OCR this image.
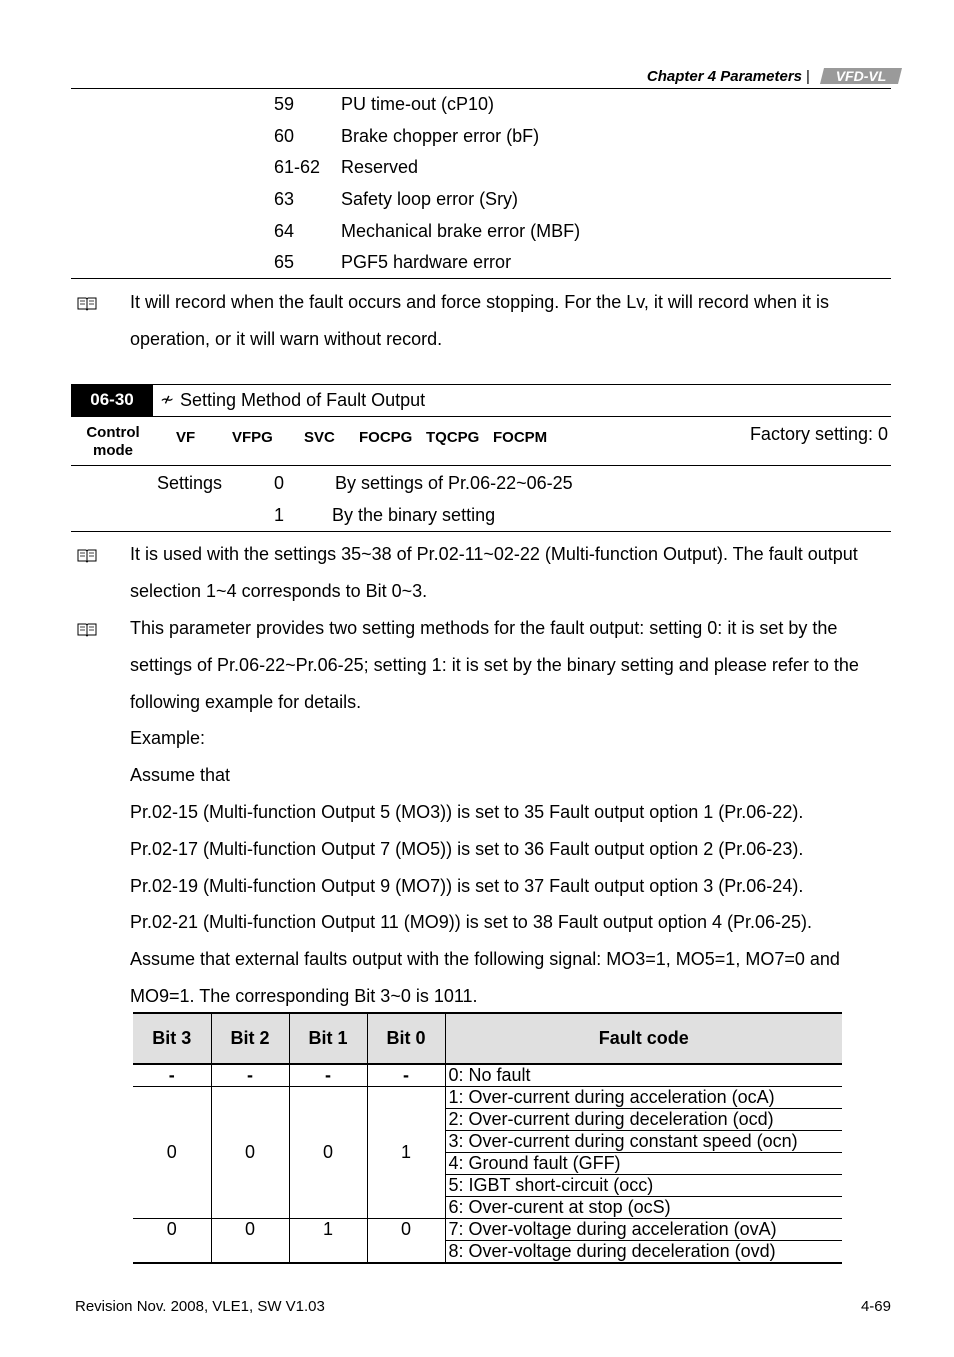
Chapter 4 Parameters | VFD-VL
59	PU time-out (cP10)
60	Brake chopper error (bF)
61-62 Reserved
63	Safety loop error (Sry)
64	Mechanical brake error (MBF)
65	PGF5 hardware error
It will record when the fault occurs and force stopping. For the Lv, it will record when it is
operation, or it will warn without record.
06-30	≁ Setting Method of Fault Output
Control
mode
VF VFPG SVC FOCPG TQCPG FOCPM	Factory setting: 0
Settings	0	By settings of Pr.06-22~06-25
1	By the binary setting
It is used with the settings 35~38 of Pr.02-11~02-22 (Multi-function Output). The fault output
selection 1~4 corresponds to Bit 0~3.
This parameter provides two setting methods for the fault output: setting 0: it is set by the
settings of Pr.06-22~Pr.06-25; setting 1: it is set by the binary setting and please refer to the
following example for details.
Example:
Assume that
Pr.02-15 (Multi-function Output 5 (MO3)) is set to 35 Fault output option 1 (Pr.06-22).
Pr.02-17 (Multi-function Output 7 (MO5)) is set to 36 Fault output option 2 (Pr.06-23).
Pr.02-19 (Multi-function Output 9 (MO7)) is set to 37 Fault output option 3 (Pr.06-24).
Pr.02-21 (Multi-function Output 11 (MO9)) is set to 38 Fault output option 4 (Pr.06-25).
Assume that external faults output with the following signal: MO3=1, MO5=1, MO7=0 and
MO9=1. The corresponding Bit 3~0 is 1011.
Bit 3	Bit 2	Bit 1	Bit 0	Fault code
-	-	-	-	0: No fault
0	0	0	1	1: Over-current during acceleration (ocA)
				2: Over-current during deceleration (ocd)
				3: Over-current during constant speed (ocn)
				4: Ground fault (GFF)
				5: IGBT short-circuit (occ)
				6: Over-curent at stop (ocS)
0	0	1	0	7: Over-voltage during acceleration (ovA)
				8: Over-voltage during deceleration (ovd)
Revision Nov. 2008, VLE1, SW V1.03	4-69
